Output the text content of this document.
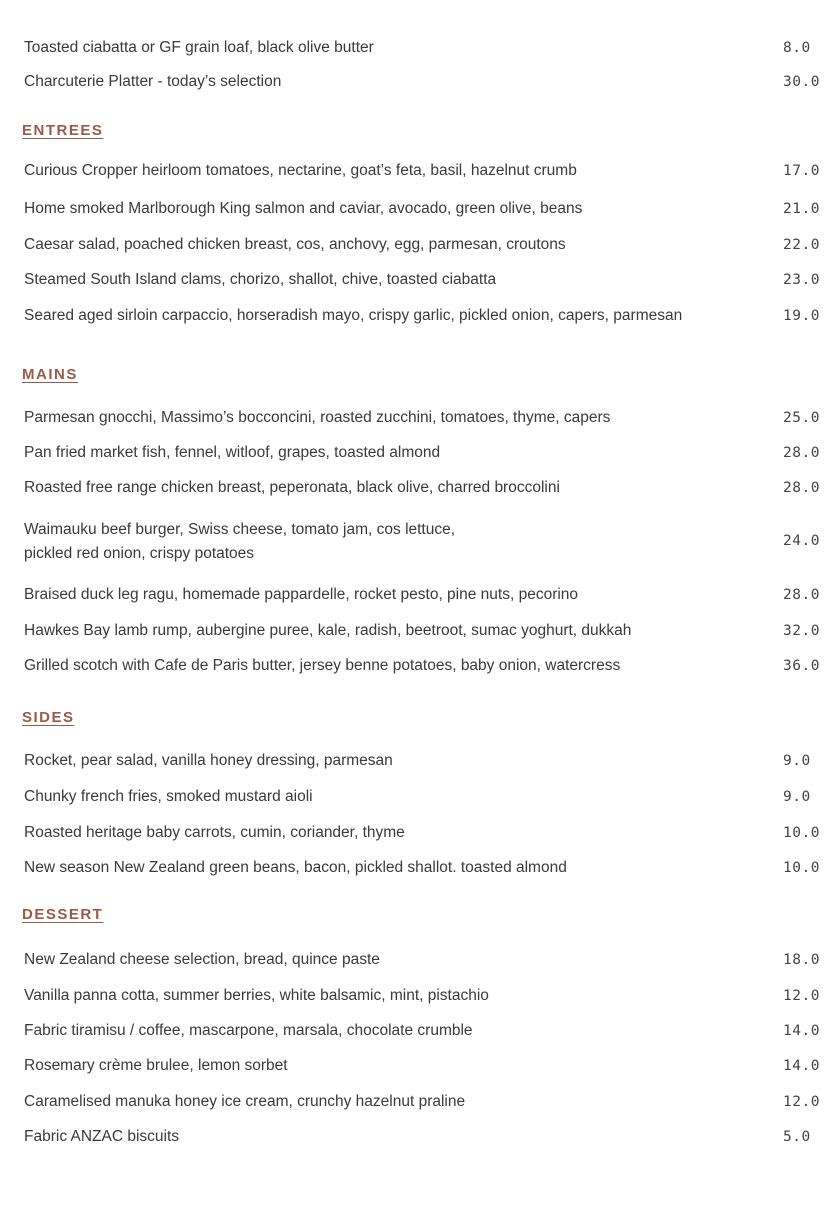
Toasted ciabatta or GF grain loaf, black olive butter	8.0
Charcuterie Platter - today’s selection	30.0
ENTREES
Curious Cropper heirloom tomatoes, nectarine, goat’s feta, basil, hazelnut crumb	17.0
Home smoked Marlborough King salmon and caviar, avocado, green olive, beans	21.0
Caesar salad, poached chicken breast, cos, anchovy, egg, parmesan, croutons	22.0
Steamed South Island clams, chorizo, shallot, chive, toasted ciabatta	23.0
Seared aged sirloin carpaccio, horseradish mayo, crispy garlic, pickled onion, capers, parmesan	19.0
MAINS
Parmesan gnocchi, Massimo’s bocconcini, roasted zucchini, tomatoes, thyme, capers	25.0
Pan fried market fish, fennel, witloof, grapes, toasted almond	28.0
Roasted free range chicken breast, peperonata, black olive, charred broccolini	28.0
Waimauku beef burger, Swiss cheese, tomato jam, cos lettuce,
pickled red onion, crispy potatoes
24.0
Braised duck leg ragu, homemade pappardelle, rocket pesto, pine nuts, pecorino	28.0
Hawkes Bay lamb rump, aubergine puree, kale, radish, beetroot, sumac yoghurt, dukkah	32.0
Grilled scotch with Cafe de Paris butter, jersey benne potatoes, baby onion, watercress	36.0
SIDES
Rocket, pear salad, vanilla honey dressing, parmesan	9.0
Chunky french fries, smoked mustard aioli	9.0
Roasted heritage baby carrots, cumin, coriander, thyme	10.0
New season New Zealand green beans, bacon, pickled shallot. toasted almond	10.0
DESSERT
New Zealand cheese selection, bread, quince paste	18.0
Vanilla panna cotta, summer berries, white balsamic, mint, pistachio	12.0
Fabric tiramisu / coffee, mascarpone, marsala, chocolate crumble	14.0
Rosemary crème brulee, lemon sorbet	14.0
Caramelised manuka honey ice cream, crunchy hazelnut praline	12.0
Fabric ANZAC biscuits	5.0
